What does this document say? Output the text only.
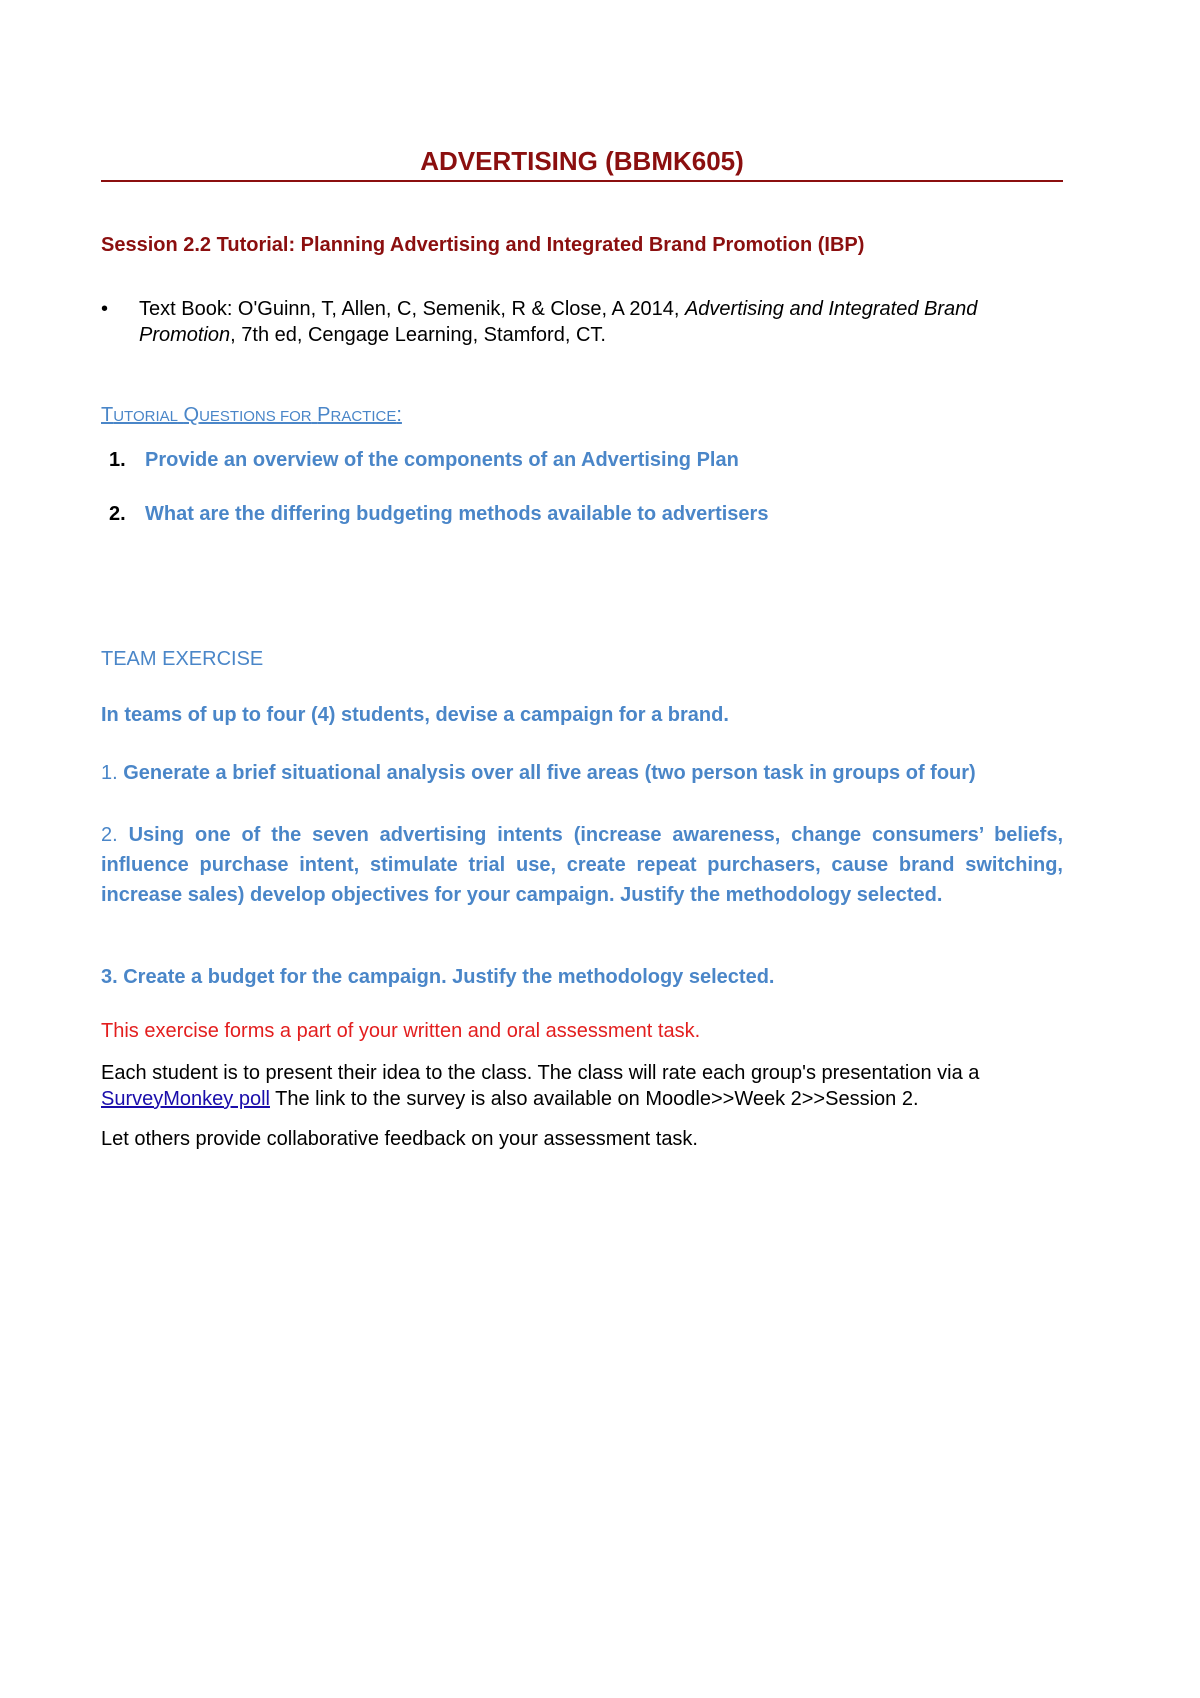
ADVERTISING (BBMK605)

Session 2.2 Tutorial: Planning Advertising and Integrated Brand Promotion (IBP)

•	Text Book: O'Guinn, T, Allen, C, Semenik, R & Close, A 2014, Advertising and Integrated Brand Promotion, 7th ed, Cengage Learning, Stamford, CT.

TUTORIAL QUESTIONS FOR PRACTICE:

1. Provide an overview of the components of an Advertising Plan
2. What are the differing budgeting methods available to advertisers

TEAM EXERCISE

In teams of up to four (4) students, devise a campaign for a brand.

1. Generate a brief situational analysis over all five areas (two person task in groups of four)

2. Using one of the seven advertising intents (increase awareness, change consumers’ beliefs, influence purchase intent, stimulate trial use, create repeat purchasers, cause brand switching, increase sales) develop objectives for your campaign. Justify the methodology selected.

3. Create a budget for the campaign. Justify the methodology selected.

This exercise forms a part of your written and oral assessment task.

Each student is to present their idea to the class. The class will rate each group's presentation via a SurveyMonkey poll The link to the survey is also available on Moodle>>Week 2>>Session 2.

Let others provide collaborative feedback on your assessment task.
